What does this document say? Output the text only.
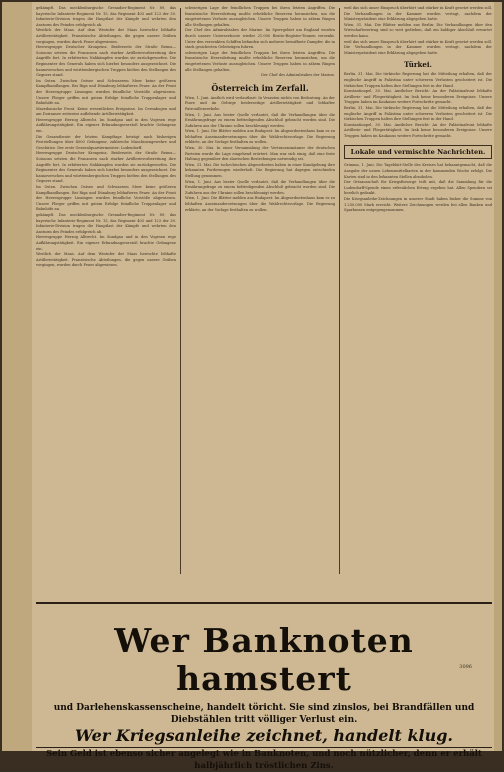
gekämpft. Das mecklenburgische Grenadier-Regiment Nr. 89, das bayerische Infanterie-Regiment Nr. 15, das Regiment 403 und 123 der 30. Infanterie-Division trugen die Hauptlast der Kämpfe und wehrten den Ansturm des Feindes erfolgreich ab.

Westlich der Maas. Auf dem Westufer der Maas herrschte lebhafte Artillerietätigkeit. Französische Abteilungen, die gegen unsere Gräben vorgingen, wurden durch Feuer abgewiesen.

Heeresgruppe Deutscher Kronprinz. Beiderseits der Straße Reims—Soissons setzten die Franzosen nach starker Artillerievorbereitung ihre Angriffe fort. In erbitterten Nahkämpfen wurden sie zurückgeworfen. Die Regimenter des Generals haben sich hierbei besonders ausgezeichnet. Die hannoverschen und württembergischen Truppen hielten den Stellungen des Gegners stand.

Im Osten. Zwischen Ostsee und Schwarzem Meer keine größeren Kampfhandlungen. Bei Riga und Dünaburg lebhafteres Feuer. An der Front der Heeresgruppe Linsingen wurden feindliche Vorstöße abgewiesen. Unsere Flieger griffen mit gutem Erfolge feindliche Truppenlager und Bahnhöfe an.

Mazedonische Front. Keine wesentlichen Ereignisse. Im Cernabogen und am Doiransee zeitweise auflebende Artillerietätigkeit.

Heeresgruppe Herzog Albrecht. Im Sundgau und in den Vogesen rege Aufklärungstätigkeit. Ein eigener Erkundungsvorstoß brachte Gefangene ein.

Die Gesamtbeute der letzten Kampftage beträgt nach bisherigen Feststellungen über 4000 Gefangene, zahlreiche Maschinengewehre und Geschütze. Der erste Generalquartiermeister: Ludendorff.

Heeresgruppe Deutscher Kronprinz. Beiderseits der Straße Reims—Soissons setzten die Franzosen nach starker Artillerievorbereitung ihre Angriffe fort. In erbitterten Nahkämpfen wurden sie zurückgeworfen. Die Regimenter des Generals haben sich hierbei besonders ausgezeichnet. Die hannoverschen und württembergischen Truppen hielten den Stellungen des Gegners stand.

Im Osten. Zwischen Ostsee und Schwarzem Meer keine größeren Kampfhandlungen. Bei Riga und Dünaburg lebhafteres Feuer. An der Front der Heeresgruppe Linsingen wurden feindliche Vorstöße abgewiesen. Unsere Flieger griffen mit gutem Erfolge feindliche Truppenlager und Bahnhöfe an.

gekämpft. Das mecklenburgische Grenadier-Regiment Nr. 89, das bayerische Infanterie-Regiment Nr. 15, das Regiment 403 und 123 der 30. Infanterie-Division trugen die Hauptlast der Kämpfe und wehrten den Ansturm des Feindes erfolgreich ab.

Heeresgruppe Herzog Albrecht. Im Sundgau und in den Vogesen rege Aufklärungstätigkeit. Ein eigener Erkundungsvorstoß brachte Gefangene ein.

Westlich der Maas. Auf dem Westufer der Maas herrschte lebhafte Artillerietätigkeit. Französische Abteilungen, die gegen unsere Gräben vorgingen, wurden durch Feuer abgewiesen.

schwierigen Lage der feindlichen Truppen bei ihren letzten Angriffen. Die französische Heeresleitung mußte erhebliche Reserven heranziehen, um die eingetretenen Verluste auszugleichen. Unsere Truppen haben in zähem Ringen alle Stellungen gehalten.

Der Chef des Admiralstabes der Marine. Im Sperrgebiet um England wurden durch unsere Unterseeboote wieder 21.000 Brutto-Register-Tonnen versenkt. Unter den versenkten Schiffen befanden sich mehrere bewaffnete Dampfer, die in stark gesicherten Geleitzügen fuhren.

schwierigen Lage der feindlichen Truppen bei ihren letzten Angriffen. Die französische Heeresleitung mußte erhebliche Reserven heranziehen, um die eingetretenen Verluste auszugleichen. Unsere Truppen haben in zähem Ringen alle Stellungen gehalten.

Der Chef des Admiralstabes der Marine.

Österreich im Zerfall.

Wien, 1. Juni. Amtlich wird verlautbart: In Venezien nichts von Bedeutung. An der Piave und im Gebirge beiderseitige Artillerietätigkeit und lebhafter Patrouillenverkehr.

Wien, 1. Juni. Aus bester Quelle verlautet, daß die Verhandlungen über die Ernährungsfrage zu einem befriedigenden Abschluß gebracht worden sind. Die Zufuhren aus der Ukraine sollen beschleunigt werden.

Wien, 1. Juni. Die Blätter melden aus Budapest: Im Abgeordnetenhaus kam es zu lebhaften Auseinandersetzungen über die Wahlrechtsvorlage. Die Regierung erklärte, an der Vorlage festhalten zu wollen.

Wien, 30. Mai. In einer Versammlung der Vertrauensmänner der deutschen Parteien wurde die Lage eingehend erörtert. Man war sich einig, daß eine feste Haltung gegenüber den slawischen Bestrebungen notwendig sei.

Wien, 31. Mai. Die tschechischen Abgeordneten haben in einer Kundgebung ihre bekannten Forderungen wiederholt. Die Regierung hat dagegen entschieden Stellung genommen.

Wien, 1. Juni. Aus bester Quelle verlautet, daß die Verhandlungen über die Ernährungsfrage zu einem befriedigenden Abschluß gebracht worden sind. Die Zufuhren aus der Ukraine sollen beschleunigt werden.

Wien, 1. Juni. Die Blätter melden aus Budapest: Im Abgeordnetenhaus kam es zu lebhaften Auseinandersetzungen über die Wahlrechtsvorlage. Die Regierung erklärte, an der Vorlage festhalten zu wollen.

weil das sich unser Einspruch überhört und stärker in Kraft gesetzt werden soll. Die Verhandlungen in der Kammer wurden vertagt, nachdem der Ministerpräsident eine Erklärung abgegeben hatte.

Wien, 31. Mai. Die Blätter melden aus Berlin: Die Verhandlungen über den Wirtschaftsvertrag sind so weit gediehen, daß ein baldiger Abschluß erwartet werden kann.

weil das sich unser Einspruch überhört und stärker in Kraft gesetzt werden soll. Die Verhandlungen in der Kammer wurden vertagt, nachdem der Ministerpräsident eine Erklärung abgegeben hatte.

Türkei.

Berlin, 31. Mai. Die türkische Regierung hat die Mitteilung erhalten, daß der englische Angriff in Palästina unter schweren Verlusten gescheitert ist. Die türkischen Truppen halten ihre Stellungen fest in der Hand.

Konstantinopel, 30. Mai. Amtlicher Bericht: An der Palästinafront lebhafte Artillerie- und Fliegertätigkeit. Im Irak keine besonderen Ereignisse. Unsere Truppen haben im Kaukasus weitere Fortschritte gemacht.

Berlin, 31. Mai. Die türkische Regierung hat die Mitteilung erhalten, daß der englische Angriff in Palästina unter schweren Verlusten gescheitert ist. Die türkischen Truppen halten ihre Stellungen fest in der Hand.

Konstantinopel, 30. Mai. Amtlicher Bericht: An der Palästinafront lebhafte Artillerie- und Fliegertätigkeit. Im Irak keine besonderen Ereignisse. Unsere Truppen haben im Kaukasus weitere Fortschritte gemacht.

Lokale und vermischte Nachrichten.

Grimma, 1. Juni. Die Tageblatt-Stelle des Kreises hat bekanntgemacht, daß die Ausgabe der neuen Lebensmittelkarten in der kommenden Woche erfolgt. Die Karten sind in den bekannten Stellen abzuholen.

Der Ortsausschuß für Kriegsfürsorge teilt mit, daß die Sammlung für die Ludendorff-Spende einen erfreulichen Ertrag ergeben hat. Allen Spendern sei herzlich gedankt.

Die Kriegsanleihe-Zeichnungen in unserer Stadt haben bisher die Summe von 1.250.000 Mark erreicht. Weitere Zeichnungen werden bei allen Banken und Sparkassen entgegengenommen.

Wer Banknoten hamstert	3096
und Darlehenskassenscheine, handelt töricht. Sie sind zinslos, bei Brandfällen und Diebstählen tritt völliger Verlust ein.
Wer Kriegsanleihe zeichnet, handelt klug.
Sein Geld ist ebenso sicher angelegt wie in Banknoten, und noch nützlicher, denn er erhält halbjährlich tröstlichen Zins.
